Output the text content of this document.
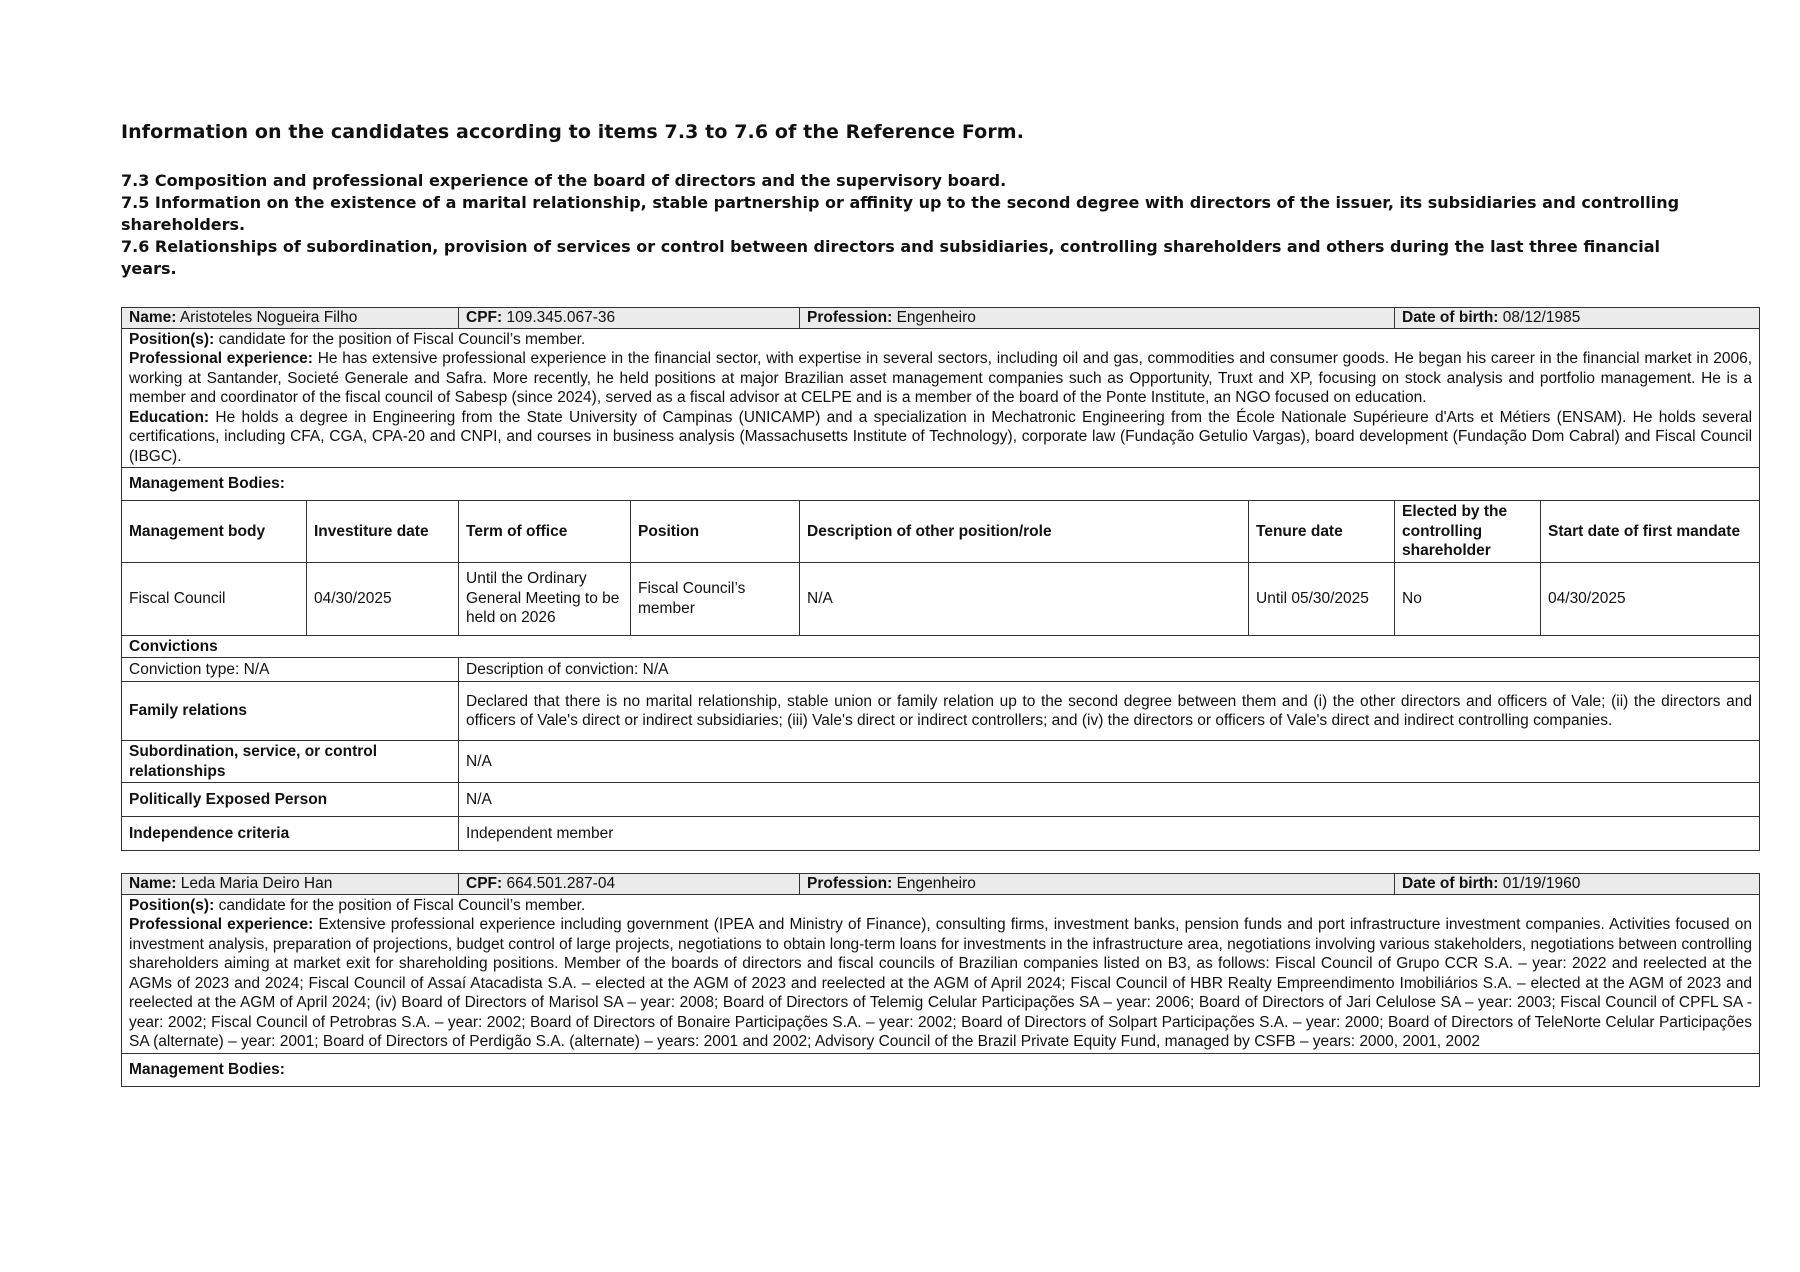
Information on the candidates according to items 7.3 to 7.6 of the Reference Form.

7.3 Composition and professional experience of the board of directors and the supervisory board.

7.5 Information on the existence of a marital relationship, stable partnership or affinity up to the second degree with directors of the issuer, its subsidiaries and controlling shareholders.

7.6 Relationships of subordination, provision of services or control between directors and subsidiaries, controlling shareholders and others during the last three financial years.

Name: Aristoteles Nogueira Filho		CPF: 109.345.067-36		Profession: Engenheiro		Date of birth: 08/12/1985	

Position(s): candidate for the position of Fiscal Council’s member.
Professional experience: He has extensive professional experience in the financial sector, with expertise in several sectors, including oil and gas, commodities and consumer goods. He began his career in the financial market in 2006, working at Santander, Societé Generale and Safra. More recently, he held positions at major Brazilian asset management companies such as Opportunity, Truxt and XP, focusing on stock analysis and portfolio management. He is a member and coordinator of the fiscal council of Sabesp (since 2024), served as a fiscal advisor at CELPE and is a member of the board of the Ponte Institute, an NGO focused on education.
Education: He holds a degree in Engineering from the State University of Campinas (UNICAMP) and a specialization in Mechatronic Engineering from the École Nationale Supérieure d'Arts et Métiers (ENSAM). He holds several certifications, including CFA, CGA, CPA-20 and CNPI, and courses in business analysis (Massachusetts Institute of Technology), corporate law (Fundação Getulio Vargas), board development (Fundação Dom Cabral) and Fiscal Council (IBGC).							

Management Bodies:							
Management body	Investiture date	Term of office	Position	Description of other position/role	Tenure date	Elected by the controlling shareholder	Start date of first mandate
Fiscal Council	04/30/2025	Until the Ordinary General Meeting to be held on 2026	Fiscal Council’s member	N/A	Until 05/30/2025	No	04/30/2025
Convictions							
Conviction type: N/A		Description of conviction: N/A					
Family relations		Declared that there is no marital relationship, stable union or family relation up to the second degree between them and (i) the other directors and officers of Vale; (ii) the directors and officers of Vale's direct or indirect subsidiaries; (iii) Vale's direct or indirect controllers; and (iv) the directors or officers of Vale's direct and indirect controlling companies.					
Subordination, service, or control relationships		N/A					
Politically Exposed Person		N/A					
Independence criteria		Independent member					
Name: Leda Maria Deiro Han	CPF: 664.501.287-04	Profession: Engenheiro	Date of birth: 01/19/1960

Position(s): candidate for the position of Fiscal Council’s member.
Professional experience: Extensive professional experience including government (IPEA and Ministry of Finance), consulting firms, investment banks, pension funds and port infrastructure investment companies. Activities focused on investment analysis, preparation of projections, budget control of large projects, negotiations to obtain long-term loans for investments in the infrastructure area, negotiations involving various stakeholders, negotiations between controlling shareholders aiming at market exit for shareholding positions. Member of the boards of directors and fiscal councils of Brazilian companies listed on B3, as follows: Fiscal Council of Grupo CCR S.A. – year: 2022 and reelected at the AGMs of 2023 and 2024; Fiscal Council of Assaí Atacadista S.A. – elected at the AGM of 2023 and reelected at the AGM of April 2024; Fiscal Council of HBR Realty Empreendimento Imobiliários S.A. – elected at the AGM of 2023 and reelected at the AGM of April 2024; (iv) Board of Directors of Marisol SA – year: 2008; Board of Directors of Telemig Celular Participações SA – year: 2006; Board of Directors of Jari Celulose SA – year: 2003; Fiscal Council of CPFL SA - year: 2002; Fiscal Council of Petrobras S.A. – year: 2002; Board of Directors of Bonaire Participações S.A. – year: 2002; Board of Directors of Solpart Participações S.A. – year: 2000; Board of Directors of TeleNorte Celular Participações SA (alternate) – year: 2001; Board of Directors of Perdigão S.A. (alternate) – years: 2001 and 2002; Advisory Council of the Brazil Private Equity Fund, managed by CSFB – years: 2000, 2001, 2002

Management Bodies:
